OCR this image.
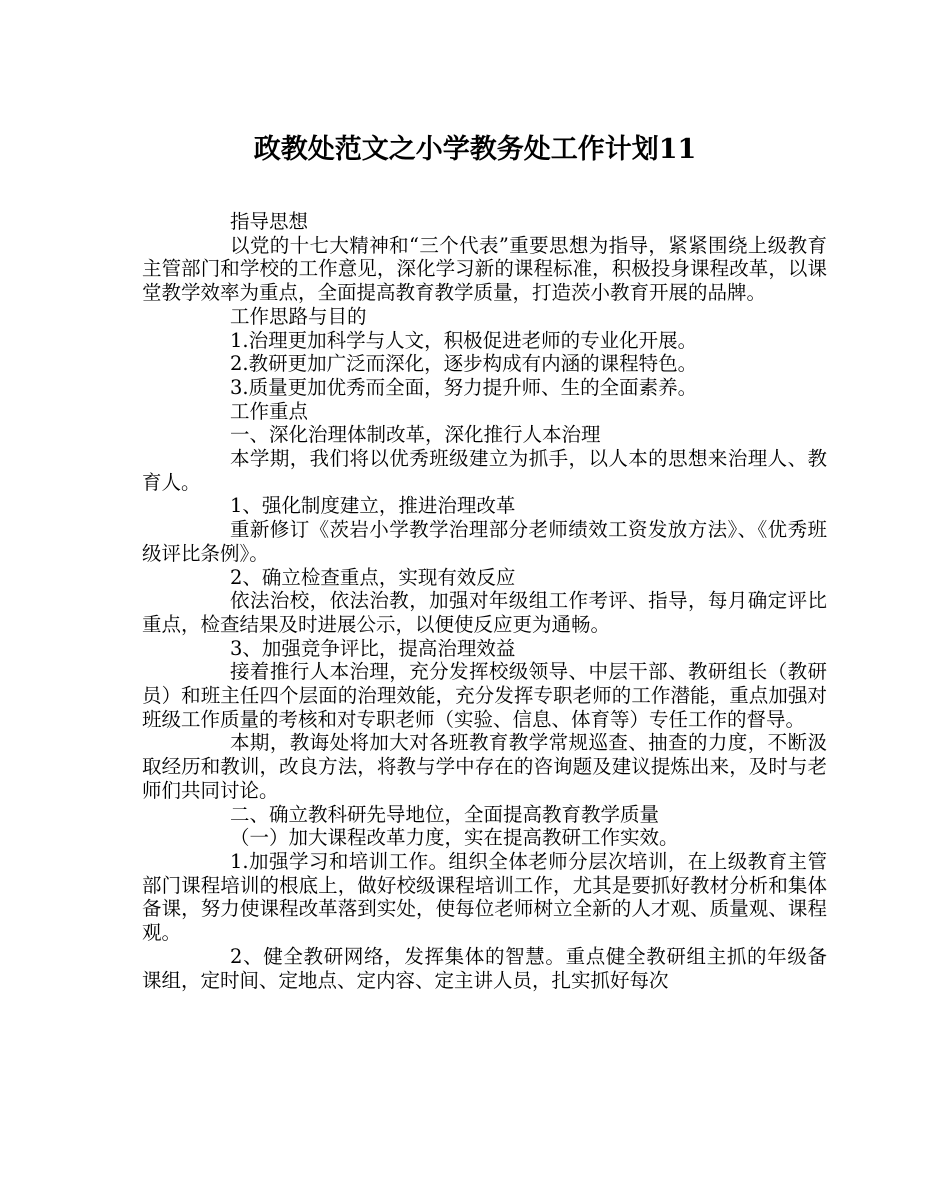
政教处范文之小学教务处工作计划11

指导思想

以党的十七大精神和“三个代表”重要思想为指导，紧紧围绕上级教育主管部门和学校的工作意见，深化学习新的课程标准，积极投身课程改革，以课堂教学效率为重点，全面提高教育教学质量，打造茨小教育开展的品牌。

工作思路与目的

1.治理更加科学与人文，积极促进老师的专业化开展。

2.教研更加广泛而深化，逐步构成有内涵的课程特色。

3.质量更加优秀而全面，努力提升师、生的全面素养。

工作重点

一、深化治理体制改革，深化推行人本治理

本学期，我们将以优秀班级建立为抓手，以人本的思想来治理人、教育人。

1、强化制度建立，推进治理改革

重新修订《茨岩小学教学治理部分老师绩效工资发放方法》、《优秀班级评比条例》。

2、确立检查重点，实现有效反应

依法治校，依法治教，加强对年级组工作考评、指导，每月确定评比重点，检查结果及时进展公示，以便使反应更为通畅。

3、加强竞争评比，提高治理效益

接着推行人本治理，充分发挥校级领导、中层干部、教研组长（教研员）和班主任四个层面的治理效能，充分发挥专职老师的工作潜能，重点加强对班级工作质量的考核和对专职老师（实验、信息、体育等）专任工作的督导。

本期，教诲处将加大对各班教育教学常规巡查、抽查的力度，不断汲取经历和教训，改良方法，将教与学中存在的咨询题及建议提炼出来，及时与老师们共同讨论。

二、确立教科研先导地位，全面提高教育教学质量

（一）加大课程改革力度，实在提高教研工作实效。

1.加强学习和培训工作。组织全体老师分层次培训，在上级教育主管部门课程培训的根底上，做好校级课程培训工作，尤其是要抓好教材分析和集体备课，努力使课程改革落到实处，使每位老师树立全新的人才观、质量观、课程观。

2、健全教研网络，发挥集体的智慧。重点健全教研组主抓的年级备课组，定时间、定地点、定内容、定主讲人员，扎实抓好每次
